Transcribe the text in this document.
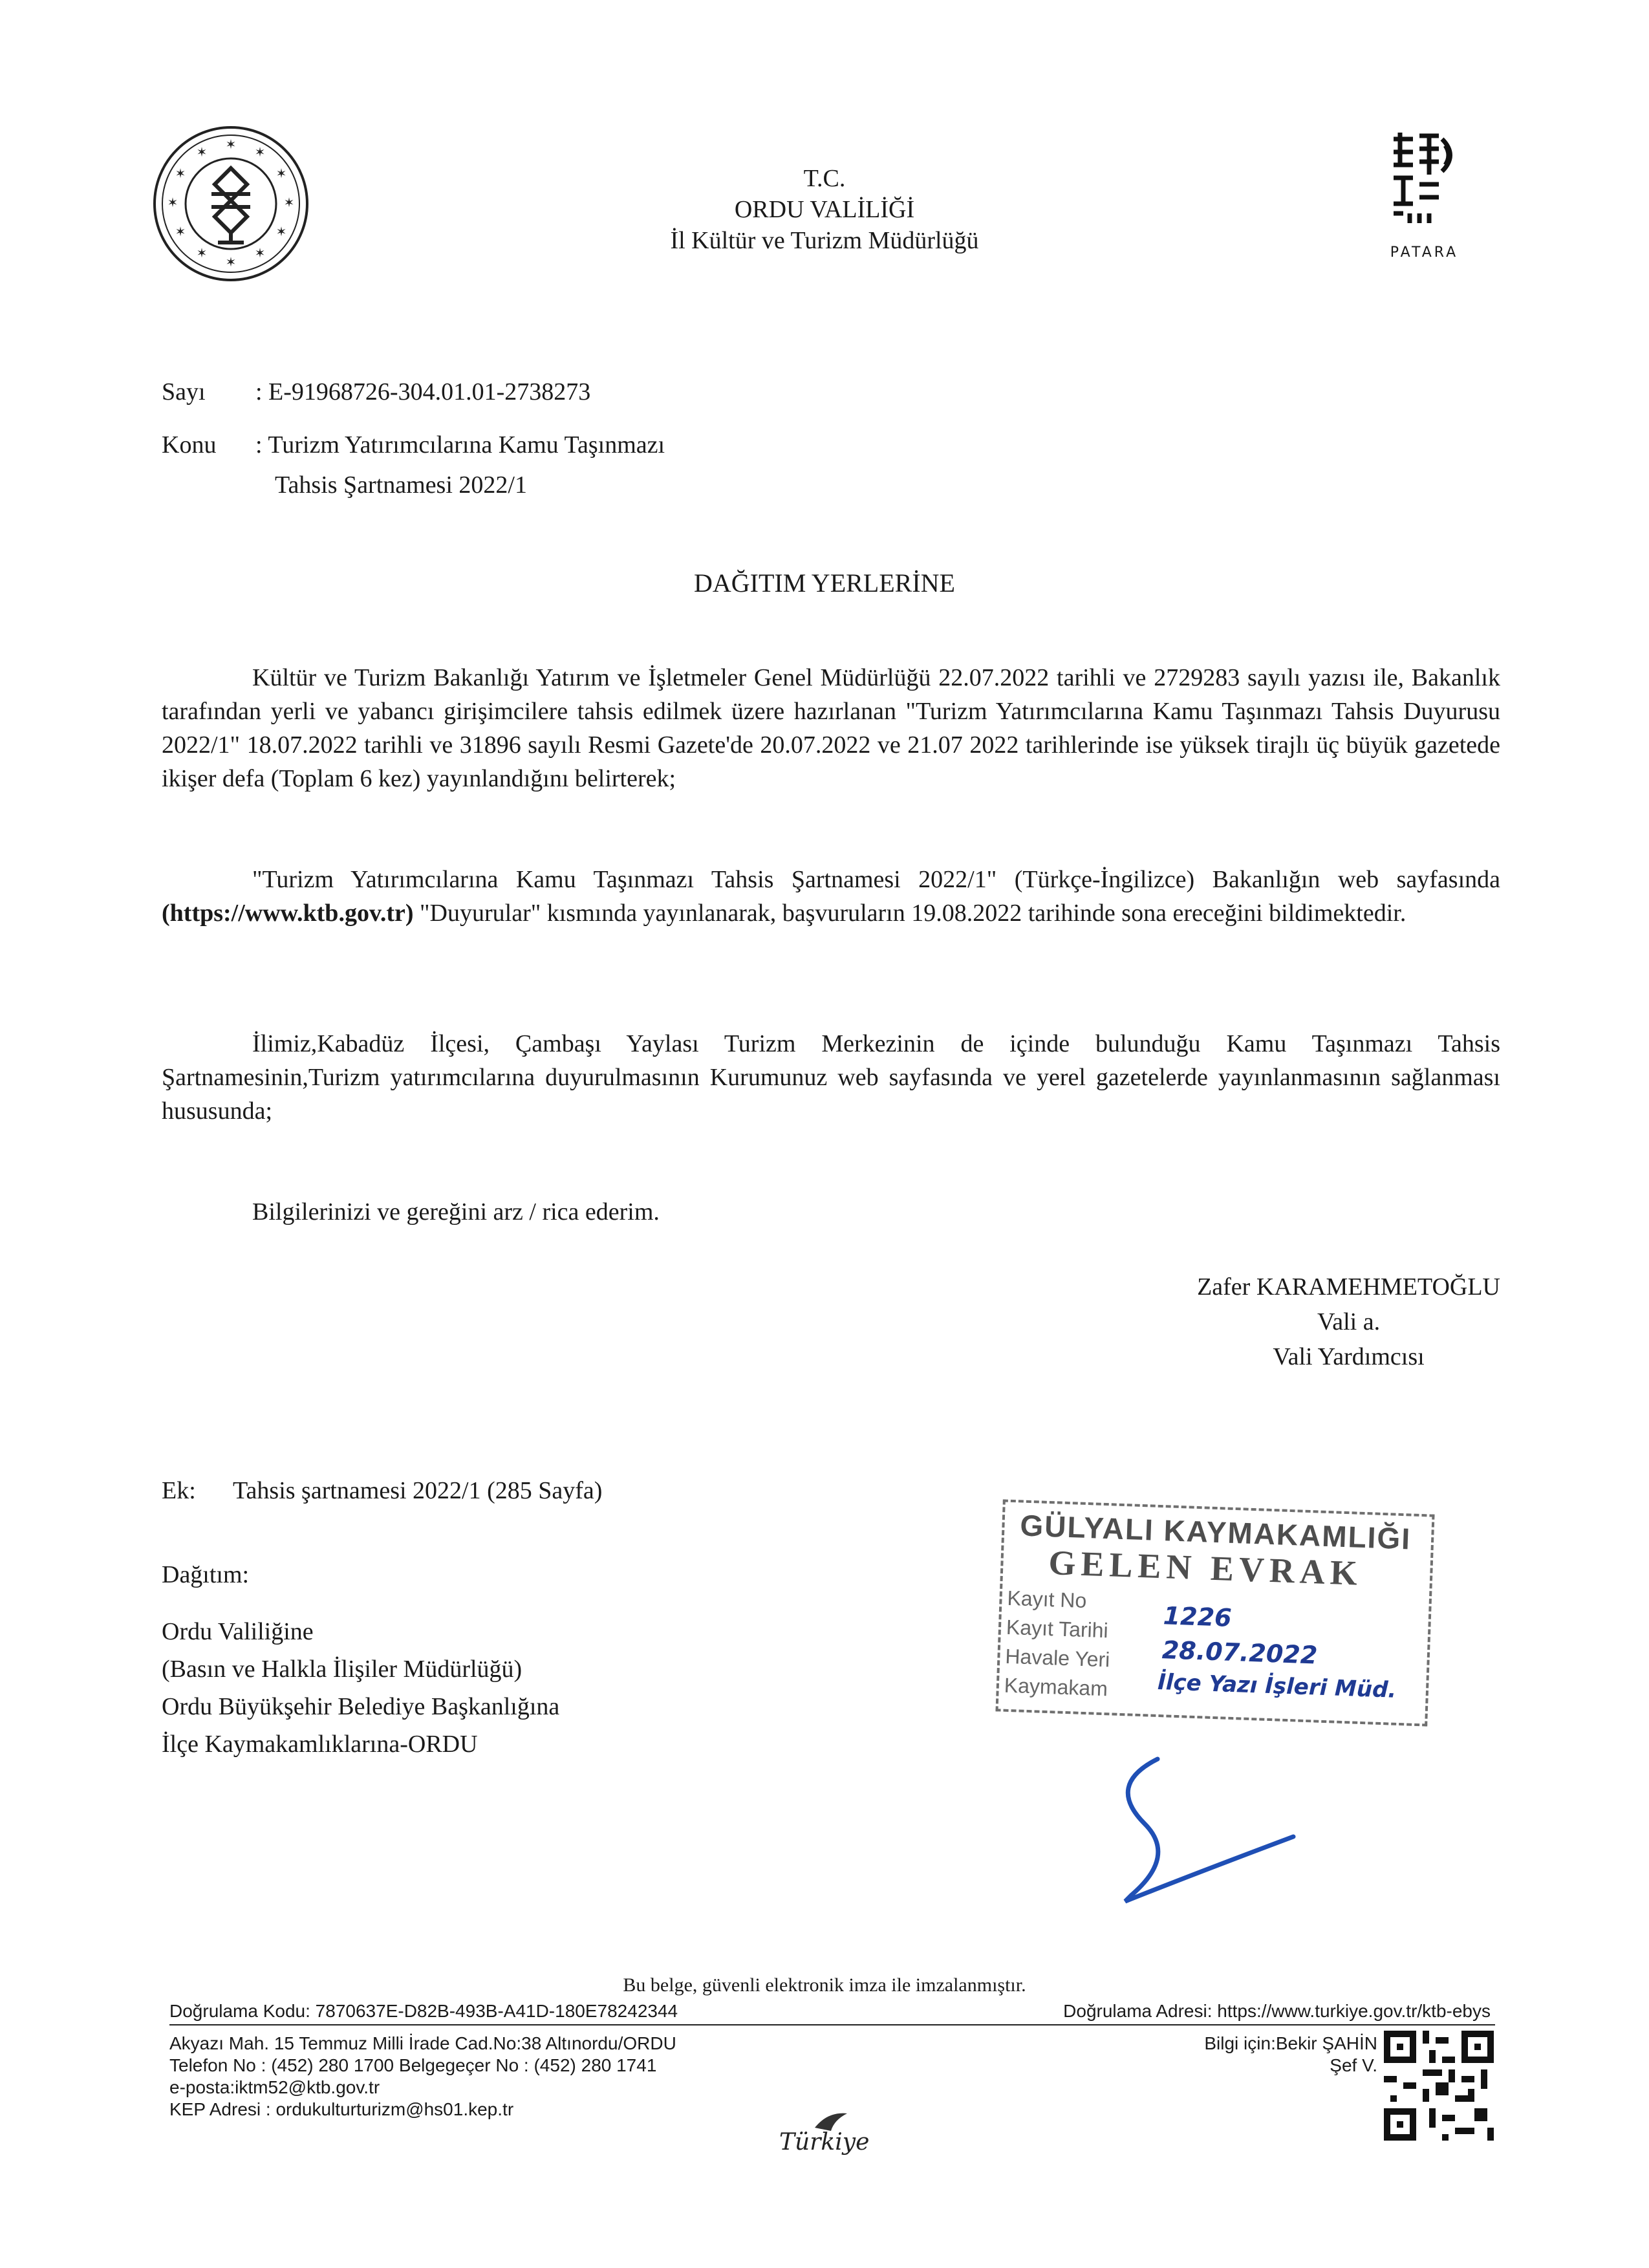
✶ ✶
✶
✶
✶
✶
✶
✶
✶
✶
✶
✶
T.C.
ORDU VALİLİĞİ
İl Kültür ve Turizm Müdürlüğü	PATARA
Sayı : E-91968726-304.01.01-2738273
Konu : Turizm Yatırımcılarına Kamu Taşınmazı
Tahsis Şartnamesi 2022/1
DAĞITIM YERLERİNE
Kültür ve Turizm Bakanlığı Yatırım ve İşletmeler Genel Müdürlüğü 22.07.2022 tarihli ve 2729283 sayılı yazısı ile, Bakanlık tarafından yerli ve yabancı girişimcilere tahsis edilmek üzere hazırlanan "Turizm Yatırımcılarına Kamu Taşınmazı Tahsis Duyurusu 2022/1" 18.07.2022 tarihli ve 31896 sayılı Resmi Gazete'de 20.07.2022 ve 21.07 2022 tarihlerinde ise yüksek tirajlı üç büyük gazetede ikişer defa (Toplam 6 kez) yayınlandığını belirterek;
"Turizm Yatırımcılarına Kamu Taşınmazı Tahsis Şartnamesi 2022/1" (Türkçe-İngilizce) Bakanlığın web sayfasında (https://www.ktb.gov.tr) "Duyurular" kısmında yayınlanarak, başvuruların 19.08.2022 tarihinde sona ereceğini bildimektedir.
İlimiz,Kabadüz İlçesi, Çambaşı Yaylası Turizm Merkezinin de içinde bulunduğu Kamu Taşınmazı Tahsis Şartnamesinin,Turizm yatırımcılarına duyurulmasının Kurumunuz web sayfasında ve yerel gazetelerde yayınlanmasının sağlanması hususunda;
Bilgilerinizi ve gereğini arz / rica ederim.
Zafer KARAMEHMETOĞLU
Vali a.
Vali Yardımcısı
Ek: Tahsis şartnamesi 2022/1 (285 Sayfa)
Dağıtım:
Ordu Valiliğine
(Basın ve Halkla İlişiler Müdürlüğü)
Ordu Büyükşehir Belediye Başkanlığına
İlçe Kaymakamlıklarına-ORDU
GÜLYALI KAYMAKAMLIĞI
GELEN EVRAK
Kayıt No
Kayıt Tarihi
Havale Yeri
Kaymakam
1226
28.07.2022
İlçe Yazı İşleri Müd.
Bu belge, güvenli elektronik imza ile imzalanmıştır.
Doğrulama Kodu: 7870637E-D82B-493B-A41D-180E78242344	Doğrulama Adresi: https://www.turkiye.gov.tr/ktb-ebys
Akyazı Mah. 15 Temmuz Milli İrade Cad.No:38 Altınordu/ORDU
Telefon No : (452) 280 1700 Belgegeçer No : (452) 280 1741
e-posta:iktm52@ktb.gov.tr
KEP Adresi : ordukulturturizm@hs01.kep.tr
Bilgi için:Bekir ŞAHİN
Şef V.
Türkiye
